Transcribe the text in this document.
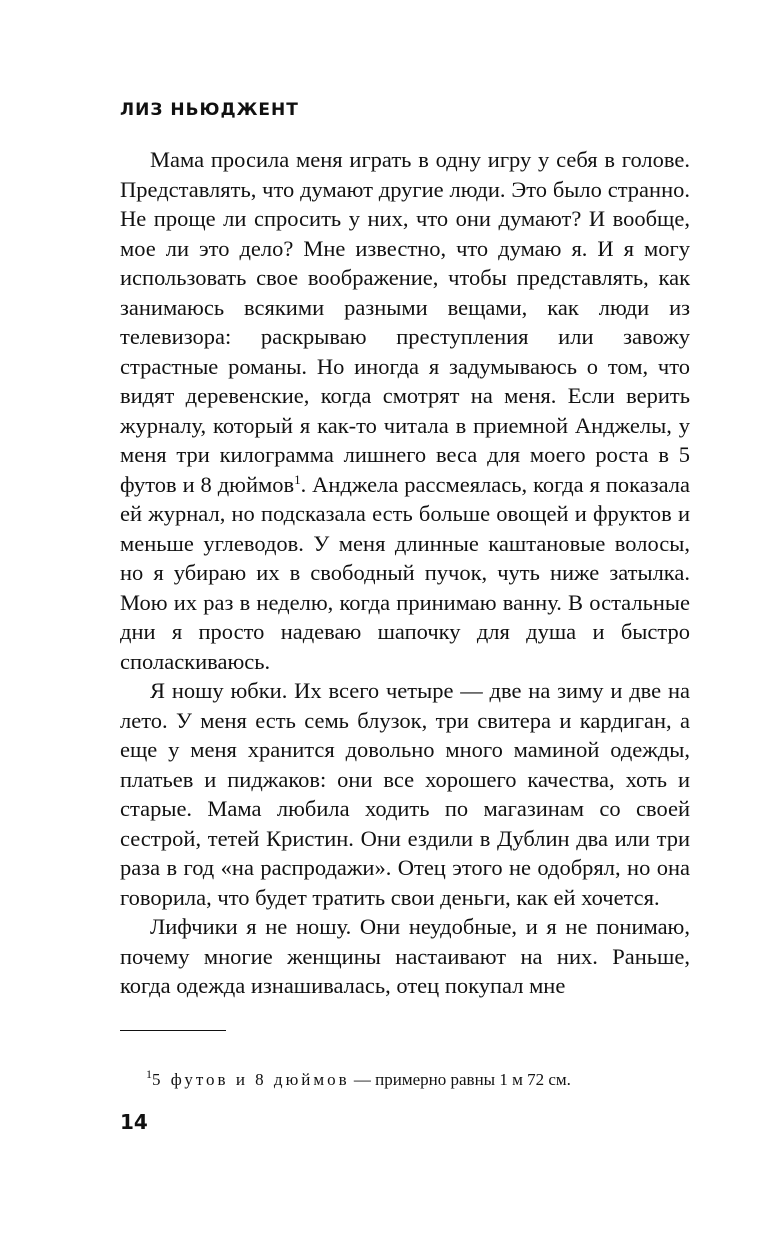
ЛИЗ НЬЮДЖЕНТ

Мама просила меня играть в одну игру у себя в голове. Представлять, что думают другие люди. Это было странно. Не проще ли спросить у них, что они думают? И вообще, мое ли это дело? Мне известно, что думаю я. И я могу использовать свое воображение, чтобы представлять, как занимаюсь всякими разными вещами, как люди из телевизора: раскрываю преступления или завожу страстные романы. Но иногда я задумываюсь о том, что видят деревенские, когда смотрят на меня. Если верить журналу, который я как-то читала в приемной Анджелы, у меня три килограмма лишнего веса для моего роста в 5 футов и 8 дюймов$^1$. Анджела рассмеялась, когда я показала ей журнал, но подсказала есть больше овощей и фруктов и меньше углеводов. У меня длинные каштановые волосы, но я убираю их в свободный пучок, чуть ниже затылка. Мою их раз в неделю, когда принимаю ванну. В остальные дни я просто надеваю шапочку для душа и быстро споласкиваюсь.

Я ношу юбки. Их всего четыре — две на зиму и две на лето. У меня есть семь блузок, три свитера и кардиган, а еще у меня хранится довольно много маминой одежды, платьев и пиджаков: они все хорошего качества, хоть и старые. Мама любила ходить по магазинам со своей сестрой, тетей Кристин. Они ездили в Дублин два или три раза в год «на распродажи». Отец этого не одобрял, но она говорила, что будет тратить свои деньги, как ей хочется.

Лифчики я не ношу. Они неудобные, и я не понимаю, почему многие женщины настаивают на них. Раньше, когда одежда изнашивалась, отец покупал мне

$^1$5 футов и 8 дюймов — примерно равны 1 м 72 см.
14
